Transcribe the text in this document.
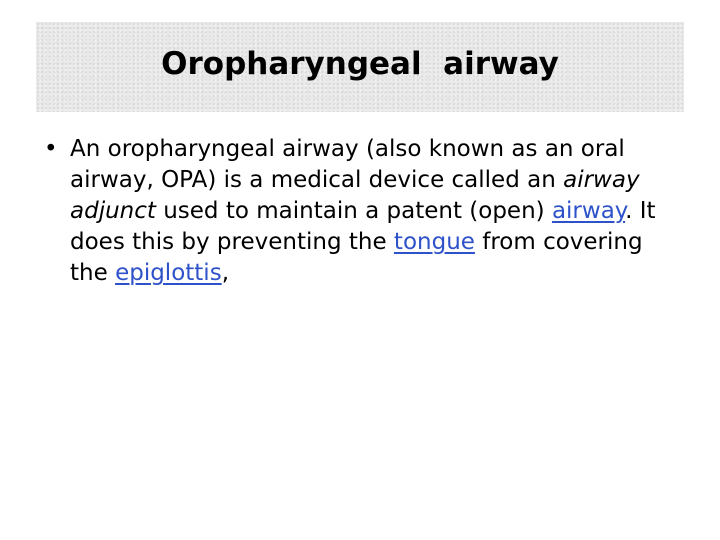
Oropharyngeal  airway
• An oropharyngeal airway (also known as an oral airway, OPA) is a medical device called an airway adjunct used to maintain a patent (open) airway. It does this by preventing the tongue from covering the epiglottis,
